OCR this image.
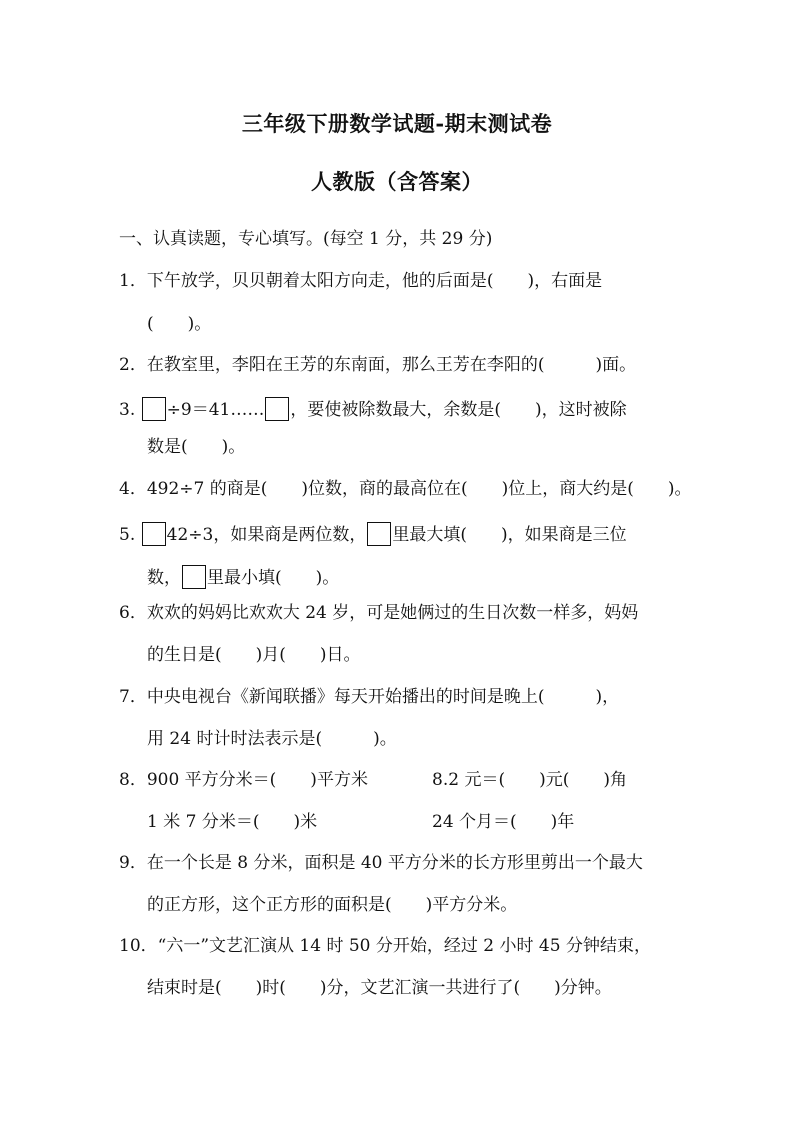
三年级下册数学试题-期末测试卷
人教版（含答案）
一、认真读题，专心填写。(每空 1 分，共 29 分)
1．下午放学，贝贝朝着太阳方向走，他的后面是(　　)，右面是
(　　)。
2．在教室里，李阳在王芳的东南面，那么王芳在李阳的(　　　)面。
3. ÷9＝41…… ，要使被除数最大，余数是(　　)，这时被除
数是(　　)。
4．492÷7 的商是(　　)位数，商的最高位在(　　)位上，商大约是(　　)。
5. 42÷3，如果商是两位数， 里最大填(　　)，如果商是三位
数， 里最小填(　　)。
6．欢欢的妈妈比欢欢大 24 岁，可是她俩过的生日次数一样多，妈妈
的生日是(　　)月(　　)日。
7．中央电视台《新闻联播》每天开始播出的时间是晚上(　　　)，
用 24 时计时法表示是(　　　)。
8．900 平方分米＝(　　)平方米	8.2 元＝(　　)元(　　)角
1 米 7 分米＝(　　)米	24 个月＝(　　)年
9．在一个长是 8 分米，面积是 40 平方分米的长方形里剪出一个最大
的正方形，这个正方形的面积是(　　)平方分米。
10．“六一”文艺汇演从 14 时 50 分开始，经过 2 小时 45 分钟结束，
结束时是(　　)时(　　)分，文艺汇演一共进行了(　　)分钟。
